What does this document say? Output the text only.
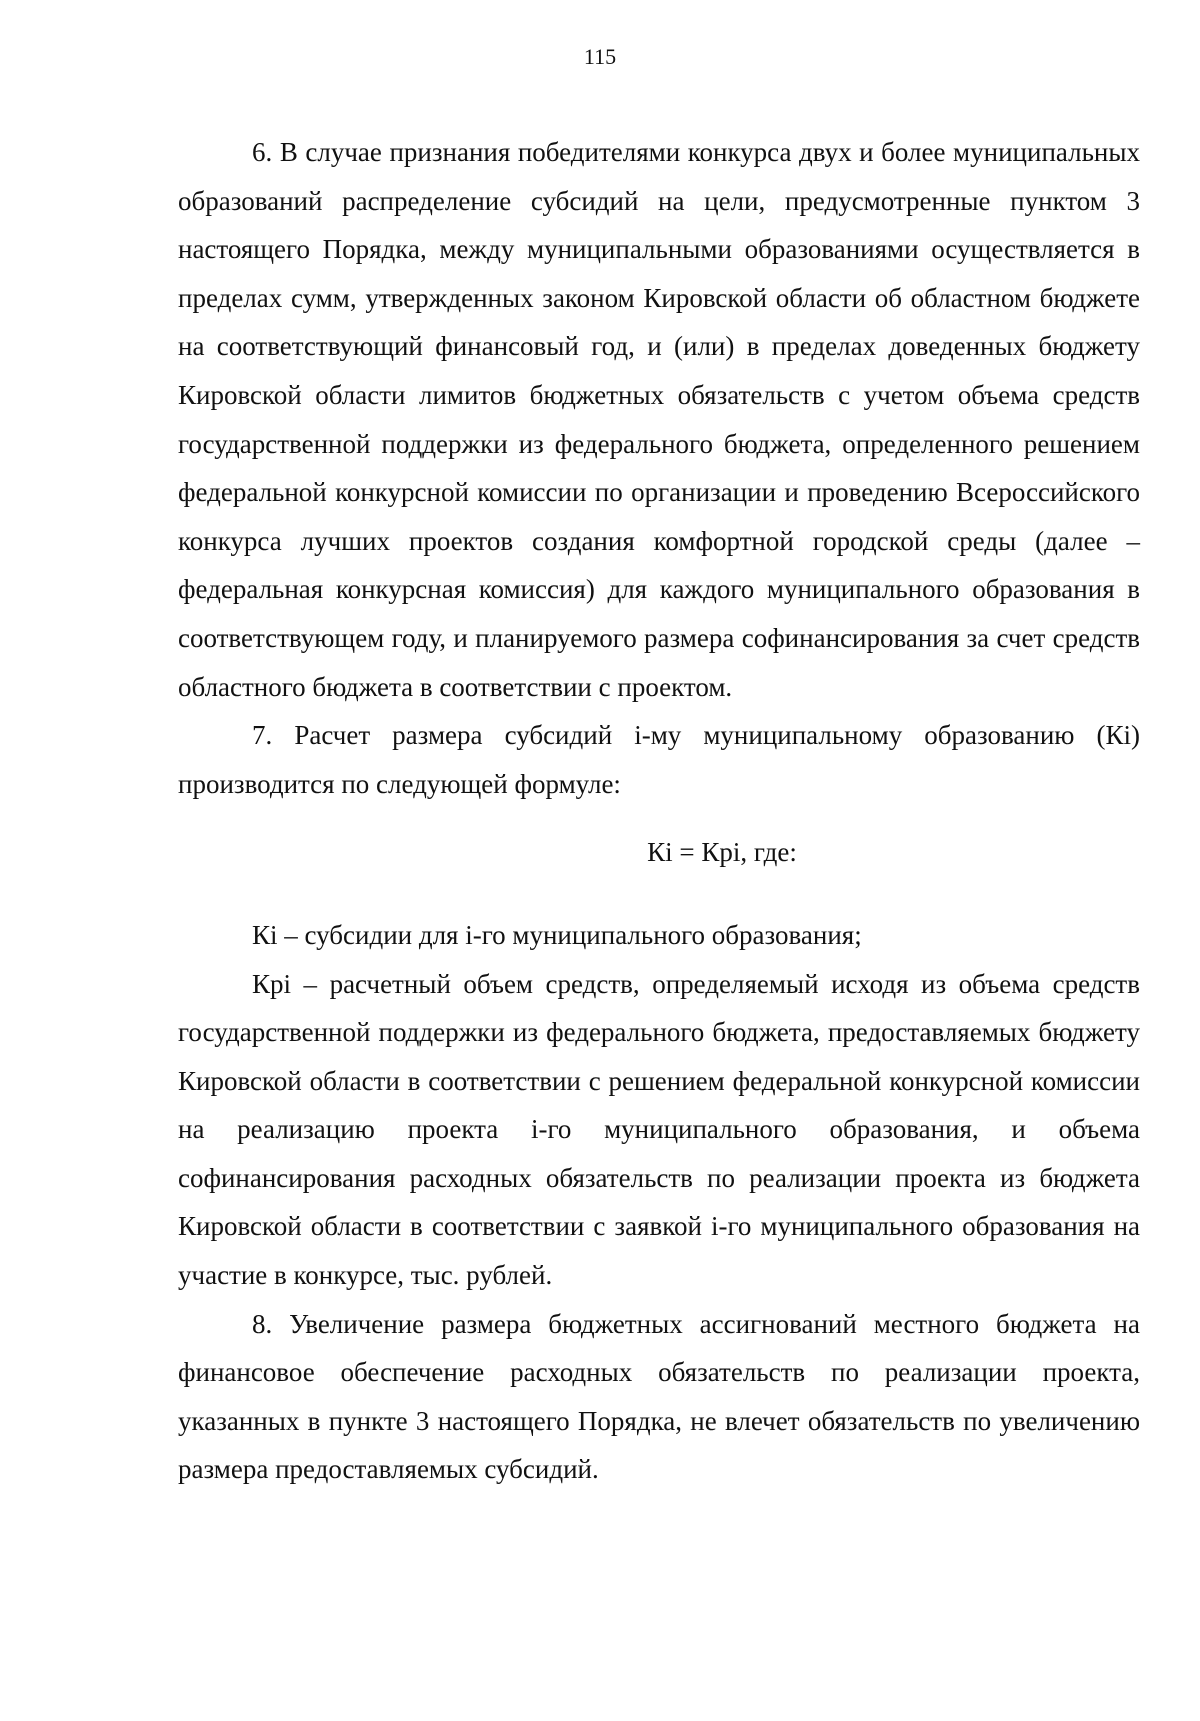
115

6. В случае признания победителями конкурса двух и более муниципальных образований распределение субсидий на цели, предусмотренные пунктом 3 настоящего Порядка, между муниципальными образованиями осуществляется в пределах сумм, утвержденных законом Кировской области об областном бюджете на соответствующий финансовый год, и (или) в пределах доведенных бюджету Кировской области лимитов бюджетных обязательств с учетом объема средств государственной поддержки из федерального бюджета, определенного решением федеральной конкурсной комиссии по организации и проведению Всероссийского конкурса лучших проектов создания комфортной городской среды (далее – федеральная конкурсная комиссия) для каждого муниципального образования в соответствующем году, и планируемого размера софинансирования за счет средств областного бюджета в соответствии с проектом.

7. Расчет размера субсидий i-му муниципальному образованию (Кi) производится по следующей формуле:

Кi = Кpi, где:

Кi – субсидии для i-го муниципального образования;

Кpi – расчетный объем средств, определяемый исходя из объема средств государственной поддержки из федерального бюджета, предоставляемых бюджету Кировской области в соответствии с решением федеральной конкурсной комиссии на реализацию проекта i-го муниципального образования, и объема софинансирования расходных обязательств по реализации проекта из бюджета Кировской области в соответствии с заявкой i-го муниципального образования на участие в конкурсе, тыс. рублей.

8. Увеличение размера бюджетных ассигнований местного бюджета на финансовое обеспечение расходных обязательств по реализации проекта, указанных в пункте 3 настоящего Порядка, не влечет обязательств по увеличению размера предоставляемых субсидий.
